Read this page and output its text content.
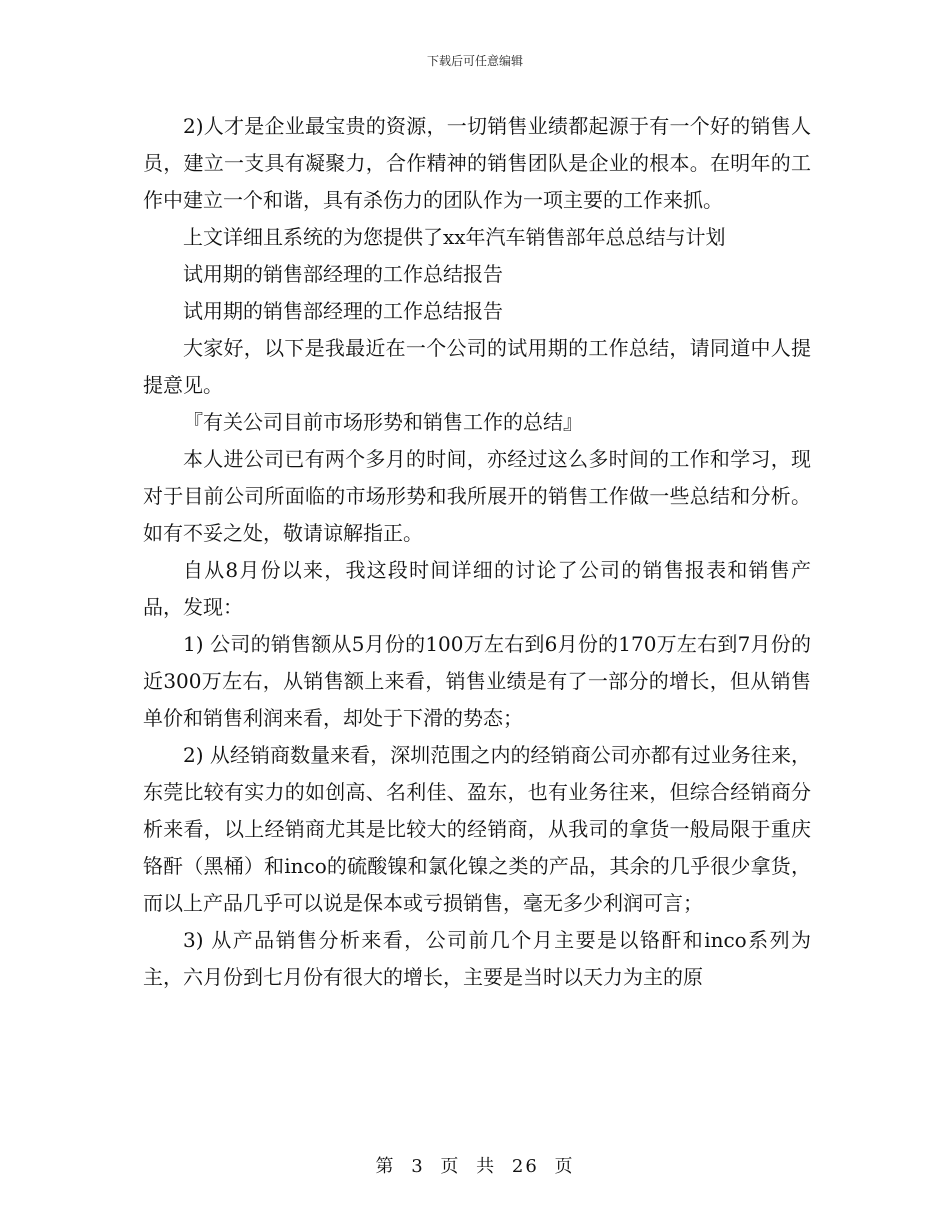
下载后可任意编辑

2)人才是企业最宝贵的资源，一切销售业绩都起源于有一个好的销售人员，建立一支具有凝聚力，合作精神的销售团队是企业的根本。在明年的工作中建立一个和谐，具有杀伤力的团队作为一项主要的工作来抓。

上文详细且系统的为您提供了xx年汽车销售部年总总结与计划

试用期的销售部经理的工作总结报告

试用期的销售部经理的工作总结报告

大家好，以下是我最近在一个公司的试用期的工作总结，请同道中人提提意见。

『有关公司目前市场形势和销售工作的总结』

本人进公司已有两个多月的时间，亦经过这么多时间的工作和学习，现对于目前公司所面临的市场形势和我所展开的销售工作做一些总结和分析。如有不妥之处，敬请谅解指正。

自从8月份以来，我这段时间详细的讨论了公司的销售报表和销售产品，发现：

1) 公司的销售额从5月份的100万左右到6月份的170万左右到7月份的近300万左右，从销售额上来看，销售业绩是有了一部分的增长，但从销售单价和销售利润来看，却处于下滑的势态；

2) 从经销商数量来看，深圳范围之内的经销商公司亦都有过业务往来，东莞比较有实力的如创高、名利佳、盈东，也有业务往来，但综合经销商分析来看，以上经销商尤其是比较大的经销商，从我司的拿货一般局限于重庆铬酐（黑桶）和inco的硫酸镍和氯化镍之类的产品，其余的几乎很少拿货，而以上产品几乎可以说是保本或亏损销售，毫无多少利润可言；

3) 从产品销售分析来看，公司前几个月主要是以铬酐和inco系列为主，六月份到七月份有很大的增长，主要是当时以天力为主的原

第 3 页 共 26 页
